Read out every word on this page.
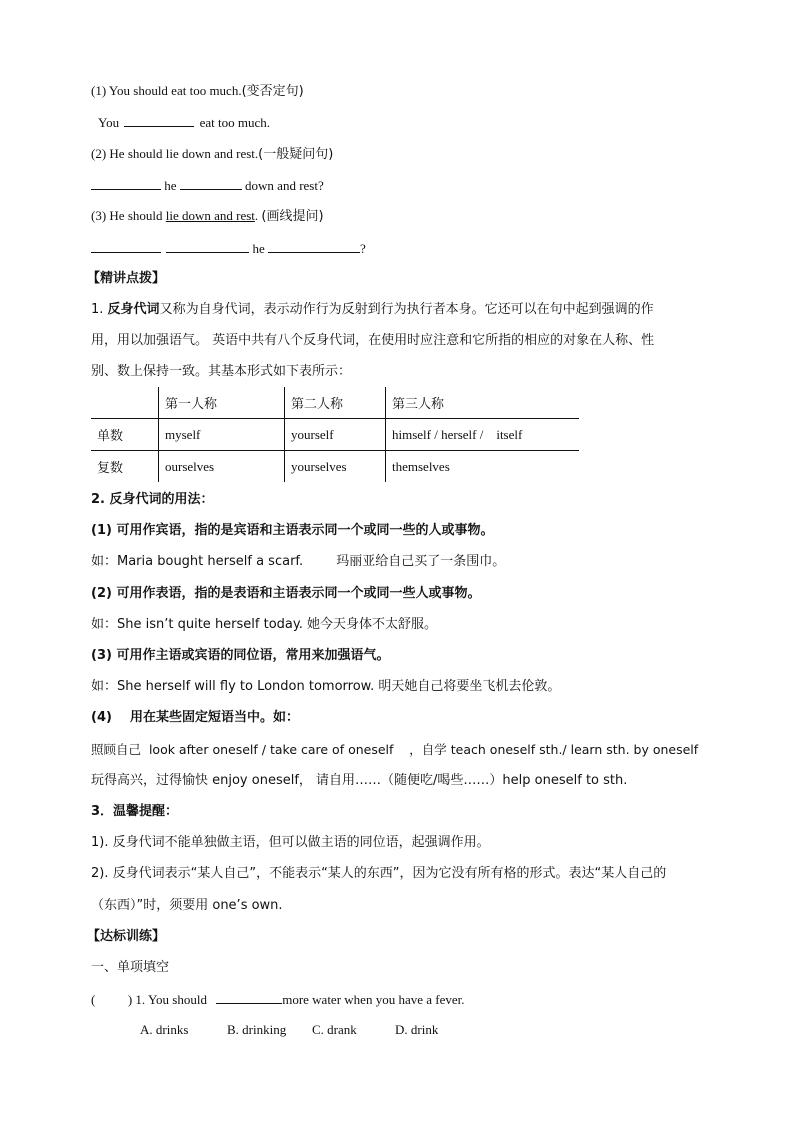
(1) You should eat too much.(变否定句)
You	eat too much.
(2) He should lie down and rest.(一般疑问句)
he	down and rest?
(3) He should lie down and rest. (画线提问)
he	?
【精讲点拨】
1. 反身代词又称为自身代词，表示动作行为反射到行为执行者本身。它还可以在句中起到强调的作
用，用以加强语气。 英语中共有八个反身代词，在使用时应注意和它所指的相应的对象在人称、性
别、数上保持一致。其基本形式如下表所示：
	第一人称	第二人称	第三人称
单数	myself	yourself	himself / herself /    itself
复数	ourselves	yourselves	themselves
2. 反身代词的用法：
(1) 可用作宾语，指的是宾语和主语表示同一个或同一些的人或事物。
如：Maria bought herself a scarf.        玛丽亚给自己买了一条围巾。
(2) 可用作表语，指的是表语和主语表示同一个或同一些人或事物。
如：She isn’t quite herself today. 她今天身体不太舒服。
(3) 可用作主语或宾语的同位语，常用来加强语气。
如：She herself will fly to London tomorrow. 明天她自己将要坐飞机去伦敦。
(4)    用在某些固定短语当中。如：
照顾自己  look after oneself / take care of oneself    ，自学 teach oneself sth./ learn sth. by oneself
玩得高兴，过得愉快 enjoy oneself， 请自用……（随便吃/喝些……）help oneself to sth.
3．温馨提醒：
1). 反身代词不能单独做主语，但可以做主语的同位语，起强调作用。
2). 反身代词表示“某人自己”，不能表示“某人的东西”，因为它没有所有格的形式。表达“某人自己的
（东西）”时，须要用 one’s own.
【达标训练】
一、单项填空
(	) 1. You should	more water when you have a fever.
A. drinks	B. drinking C. drank	D. drink
